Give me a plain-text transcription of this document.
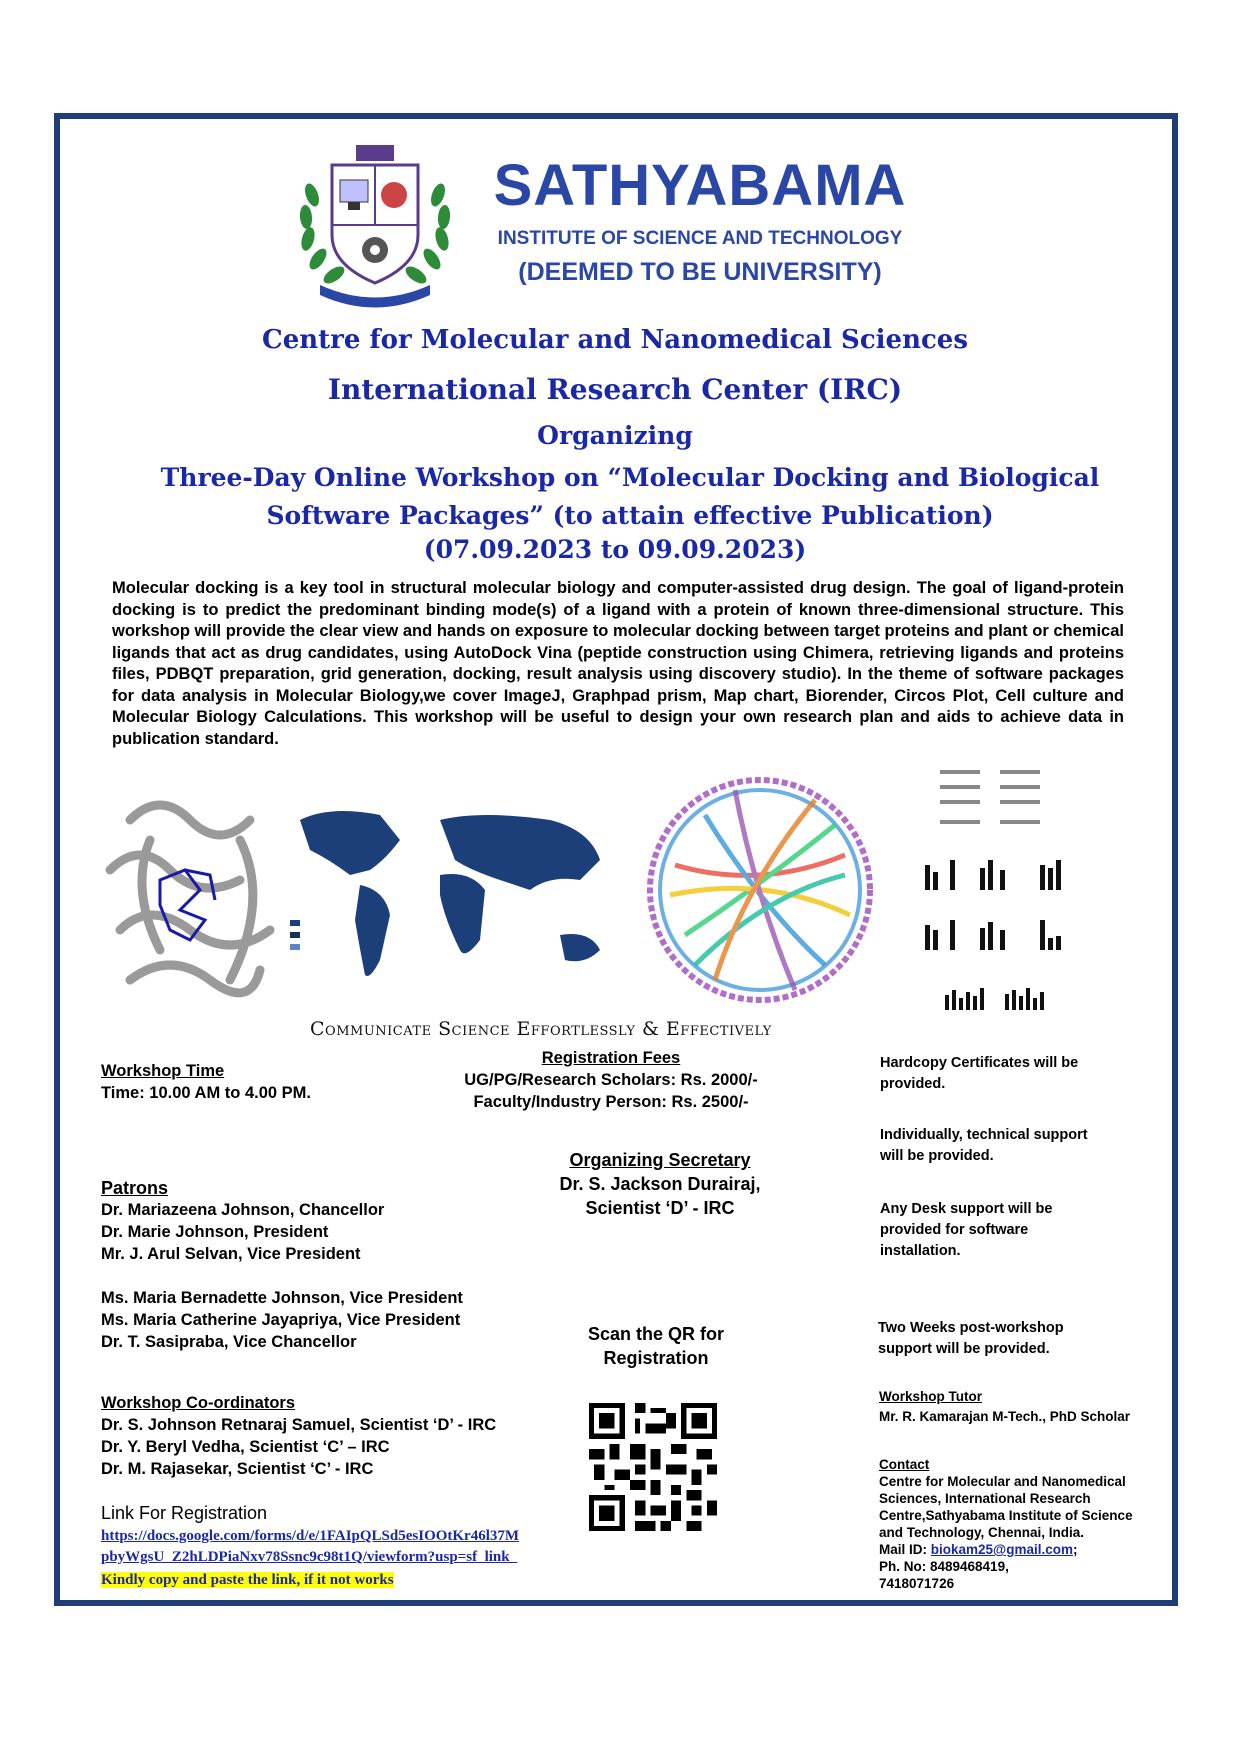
SATHYABAMA
INSTITUTE OF SCIENCE AND TECHNOLOGY
(DEEMED TO BE UNIVERSITY)
Centre for Molecular and Nanomedical Sciences
International Research Center (IRC)
Organizing
Three-Day Online Workshop on “Molecular Docking and Biological Software Packages” (to attain effective Publication)
(07.09.2023 to 09.09.2023)
Molecular docking is a key tool in structural molecular biology and computer-assisted drug design. The goal of ligand-protein docking is to predict the predominant binding mode(s) of a ligand with a protein of known three-dimensional structure. This workshop will provide the clear view and hands on exposure to molecular docking between target proteins and plant or chemical ligands that act as drug candidates, using AutoDock Vina (peptide construction using Chimera, retrieving ligands and proteins files, PDBQT preparation, grid generation, docking, result analysis using discovery studio). In the theme of software packages for data analysis in Molecular Biology,we cover ImageJ, Graphpad prism, Map chart, Biorender, Circos Plot, Cell culture and Molecular Biology Calculations. This workshop will be useful to design your own research plan and aids to achieve data in publication standard.
Communicate Science Effortlessly & Effectively
Workshop Time
Time: 10.00 AM to 4.00 PM.
Patrons
Dr. Mariazeena Johnson, Chancellor
Dr. Marie Johnson, President
Mr. J. Arul Selvan, Vice President
Ms. Maria Bernadette Johnson, Vice President
Ms. Maria Catherine Jayapriya, Vice President
Dr. T. Sasipraba, Vice Chancellor
Workshop Co-ordinators
Dr. S. Johnson Retnaraj Samuel, Scientist ‘D’ - IRC
Dr. Y. Beryl Vedha, Scientist ‘C’ – IRC
Dr. M. Rajasekar, Scientist ‘C’ - IRC
Link For Registration
https://docs.google.com/forms/d/e/1FAIpQLSd5esIOOtKr46l37M
pbyWgsU_Z2hLDPiaNxv78Ssnc9c98t1Q/viewform?usp=sf_link_
Kindly copy and paste the link, if it not works
Registration Fees
UG/PG/Research Scholars: Rs. 2000/-
Faculty/Industry Person: Rs. 2500/-
Organizing Secretary
Dr. S. Jackson Durairaj,
Scientist ‘D’ - IRC
Scan the QR for
Registration
Hardcopy Certificates will be provided.
Individually, technical support will be provided.
Any Desk support will be provided for software installation.
Two Weeks post-workshop support will be provided.
Workshop Tutor
Mr. R. Kamarajan M-Tech., PhD Scholar
Contact
Centre for Molecular and Nanomedical Sciences, International Research Centre,Sathyabama Institute of Science and Technology, Chennai, India.
Mail ID: biokam25@gmail.com;
Ph. No: 8489468419,
7418071726
